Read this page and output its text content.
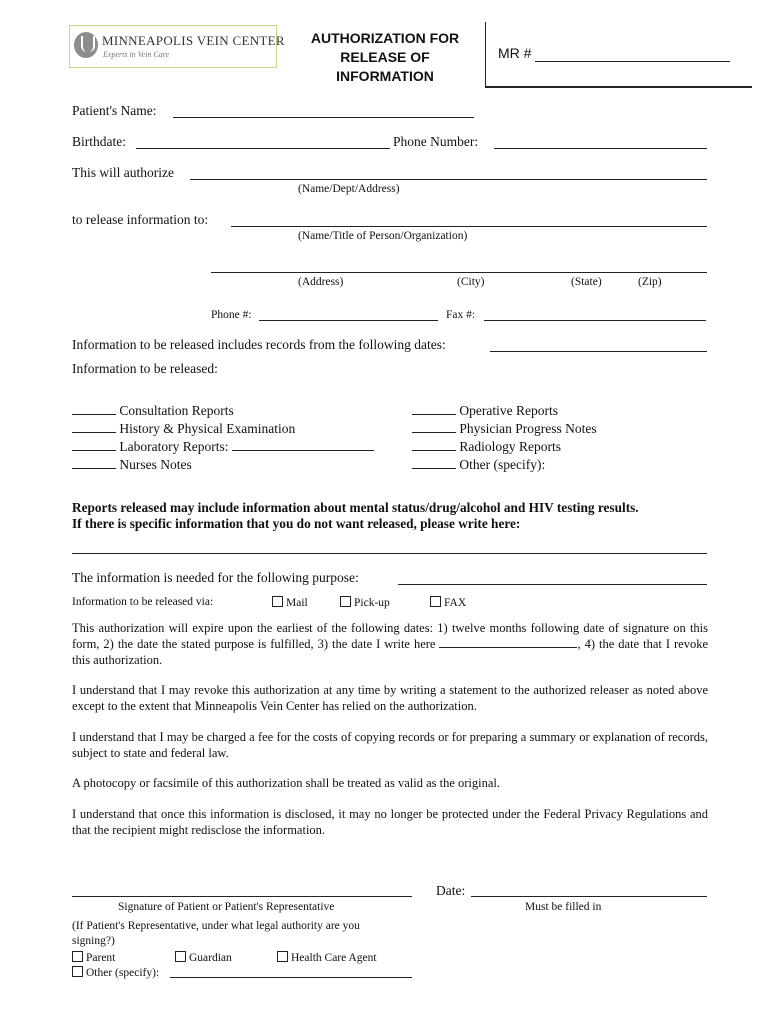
MINNEAPOLIS VEIN CENTER
Experts in Vein Care
AUTHORIZATION FOR
RELEASE OF
INFORMATION
MR #
Patient's Name:
Birthdate:	Phone Number:
This will authorize
(Name/Dept/Address)
to release information to:
(Name/Title of Person/Organization)
(Address)	(City)	(State)	(Zip)
Phone #:	Fax #:
Information to be released includes records from the following dates:
Information to be released:
Consultation Reports
History & Physical Examination
Laboratory Reports:
Nurses Notes
Operative Reports
Physician Progress Notes
Radiology Reports
Other (specify):
Reports released may include information about mental status/drug/alcohol and HIV testing results.
If there is specific information that you do not want released, please write here:
The information is needed for the following purpose:
Information to be released via:	Mail	Pick-up	FAX
This authorization will expire upon the earliest of the following dates: 1) twelve months following date of signature on this form, 2) the date the stated purpose is fulfilled, 3) the date I write here	, 4) the date that I revoke this authorization.
I understand that I may revoke this authorization at any time by writing a statement to the authorized releaser as noted above except to the extent that Minneapolis Vein Center has relied on the authorization.
I understand that I may be charged a fee for the costs of copying records or for preparing a summary or explanation of records, subject to state and federal law.
A photocopy or facsimile of this authorization shall be treated as valid as the original.
I understand that once this information is disclosed, it may no longer be protected under the Federal Privacy Regulations and that the recipient might redisclose the information.
Date:
Signature of Patient or Patient's Representative	Must be filled in
(If Patient's Representative, under what legal authority are you signing?)
Parent	Guardian	Health Care Agent
Other (specify):
